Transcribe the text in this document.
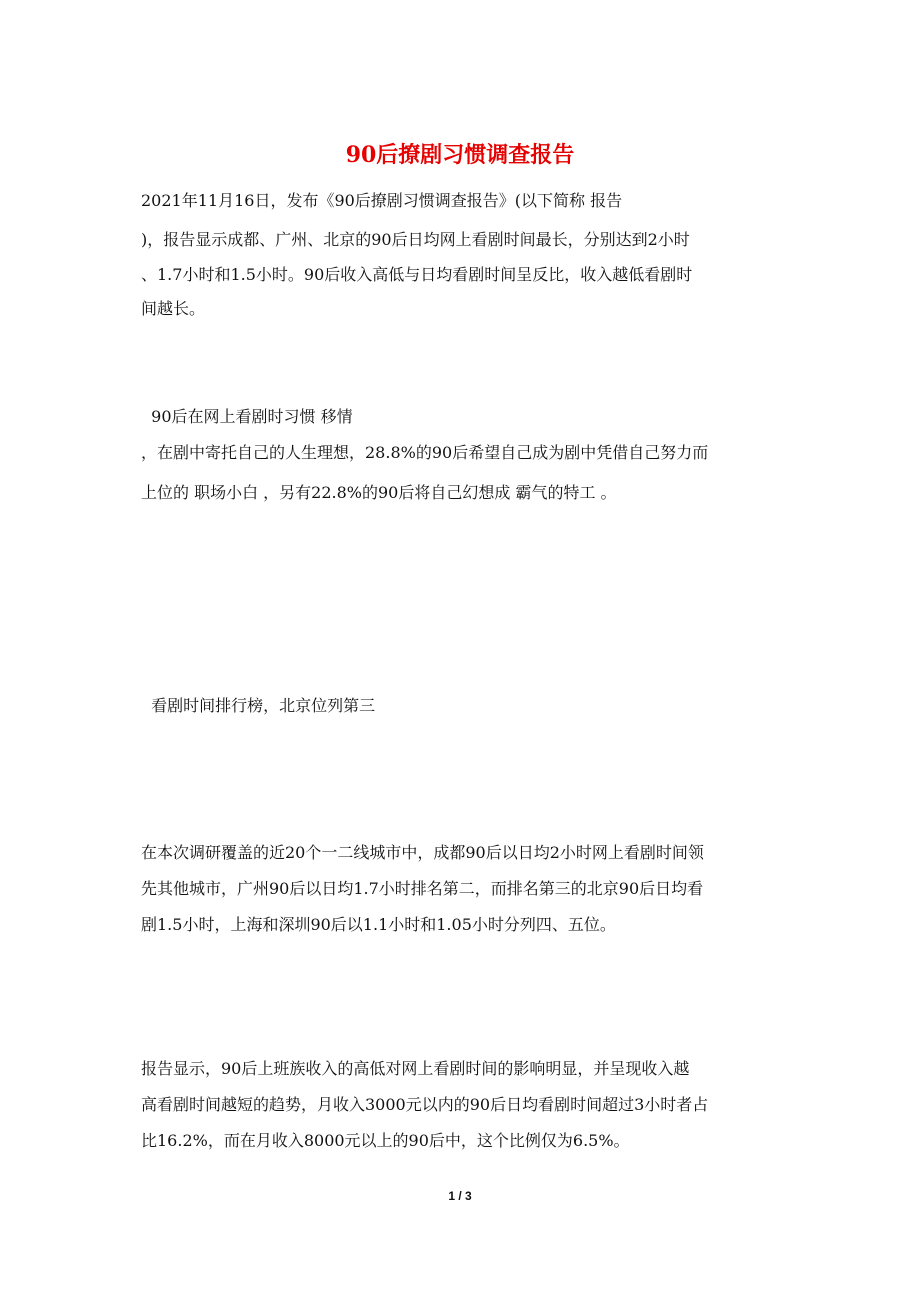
90后撩剧习惯调查报告
2021年11月16日，发布《90后撩剧习惯调查报告》(以下简称 报告
)，报告显示成都、广州、北京的90后日均网上看剧时间最长，分别达到2小时
、1.7小时和1.5小时。90后收入高低与日均看剧时间呈反比，收入越低看剧时
间越长。
90后在网上看剧时习惯 移情
，在剧中寄托自己的人生理想，28.8%的90后希望自己成为剧中凭借自己努力而
上位的 职场小白 ，另有22.8%的90后将自己幻想成 霸气的特工 。
看剧时间排行榜，北京位列第三
在本次调研覆盖的近20个一二线城市中，成都90后以日均2小时网上看剧时间领
先其他城市，广州90后以日均1.7小时排名第二，而排名第三的北京90后日均看
剧1.5小时，上海和深圳90后以1.1小时和1.05小时分列四、五位。
报告显示，90后上班族收入的高低对网上看剧时间的影响明显，并呈现收入越
高看剧时间越短的趋势，月收入3000元以内的90后日均看剧时间超过3小时者占
比16.2%，而在月收入8000元以上的90后中，这个比例仅为6.5%。
1 / 3
